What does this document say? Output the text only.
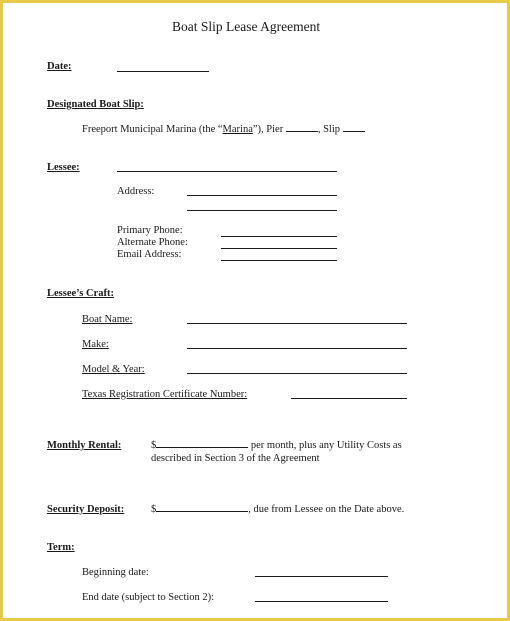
Boat Slip Lease Agreement
Date:
Designated Boat Slip:
Freeport Municipal Marina (the “Marina”), Pier	, Slip
Lessee:
Address:
Primary Phone:
Alternate Phone:
Email Address:
Lessee’s Craft:
Boat Name:
Make:
Model & Year:
Texas Registration Certificate Number:
Monthly Rental:	$	per month, plus any Utility Costs as
described in Section 3 of the Agreement
Security Deposit:	$	, due from Lessee on the Date above.
Term:
Beginning date:
End date (subject to Section 2):
